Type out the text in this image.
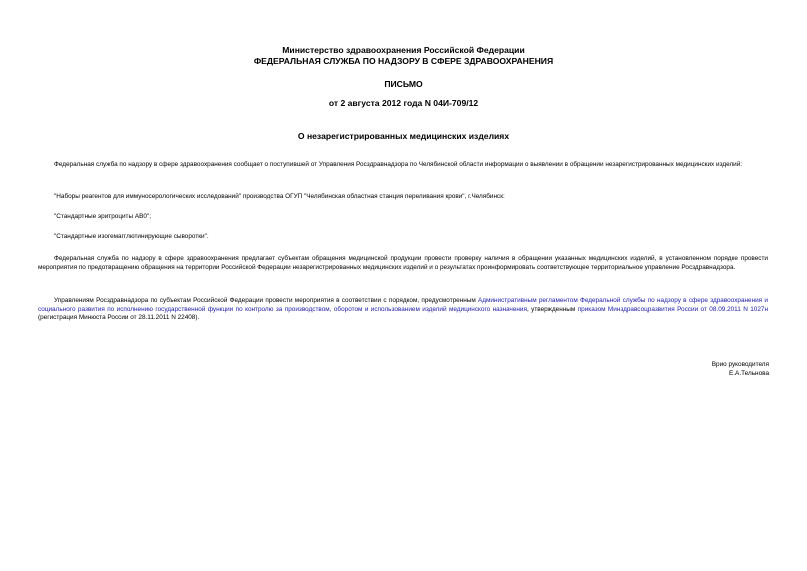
Министерство здравоохранения Российской Федерации
ФЕДЕРАЛЬНАЯ СЛУЖБА ПО НАДЗОРУ В СФЕРЕ ЗДРАВООХРАНЕНИЯ
ПИСЬМО
от 2 августа 2012 года N 04И-709/12
О незарегистрированных медицинских изделиях
Федеральная служба по надзору в сфере здравоохранения сообщает о поступившей от Управления Росздравнадзора по Челябинской области информации о выявлении в обращении незарегистрированных медицинских изделий:
"Наборы реагентов для иммуносерологических исследований" производства ОГУП "Челябинская областная станция переливания крови", г.Челябинск:
"Стандартные эритроциты АВ0";
"Стандартные изогемагглютинирующие сыворотки".
Федеральная служба по надзору в сфере здравоохранения предлагает субъектам обращения медицинской продукции провести проверку наличия в обращении указанных медицинских изделий, в установленном порядке провести мероприятия по предотвращению обращения на территории Российской Федерации незарегистрированных медицинских изделий и о результатах проинформировать соответствующее территориальное управление Росздравнадзора.
Управлениям Росздравнадзора по субъектам Российской Федерации провести мероприятия в соответствии с порядком, предусмотренным Административным регламентом Федеральной службы по надзору в сфере здравоохранения и социального развития по исполнению государственной функции по контролю за производством, оборотом и использованием изделий медицинского назначения, утвержденным приказом Минздравсоцразвития России от 08.09.2011 N 1027н (регистрация Минюста России от 28.11.2011 N 22408).
Врио руководителя
Е.А.Тельнова
